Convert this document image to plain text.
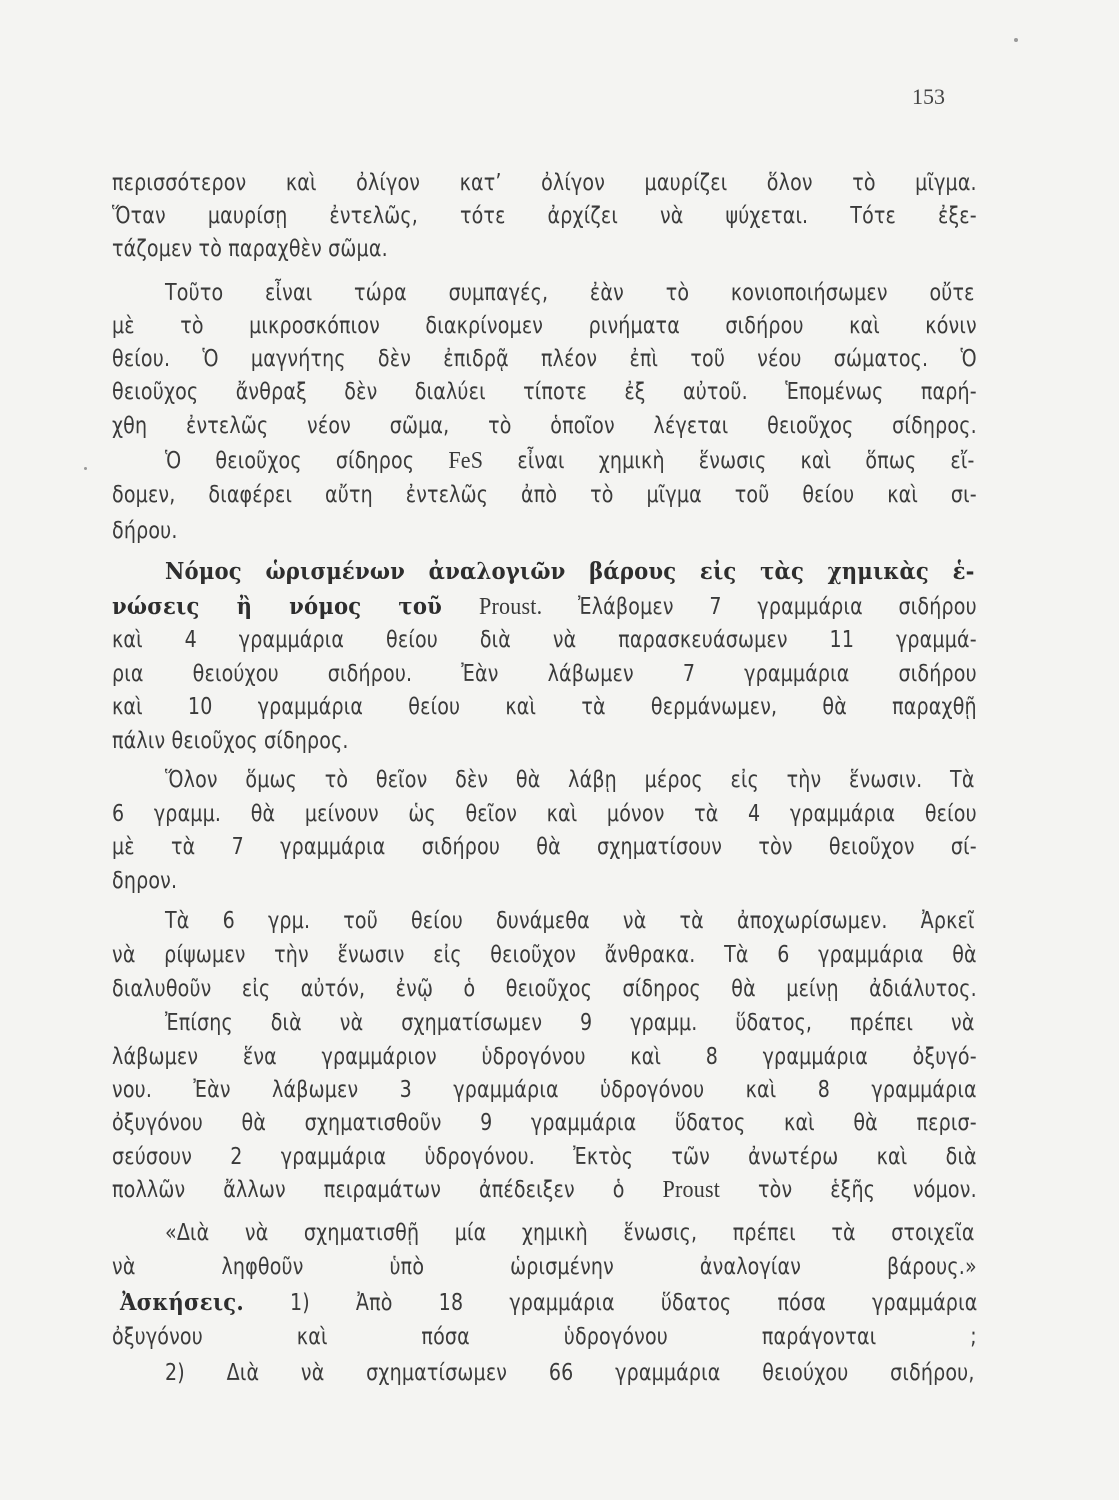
153
περισσότερον καὶ ὀλίγον κατ’ ὀλίγον μαυρίζει ὅλον τὸ μῖγμα.
Ὅταν μαυρίσῃ ἐντελῶς, τότε ἀρχίζει νὰ ψύχεται. Τότε ἐξε-
τάζομεν τὸ παραχθὲν σῶμα.
Τοῦτο εἶναι τώρα συμπαγές, ἐὰν τὸ κονιοποιήσωμεν οὔτε
μὲ τὸ μικροσκόπιον διακρίνομεν ρινήματα σιδήρου καὶ κόνιν
θείου. Ὁ μαγνήτης δὲν ἐπιδρᾷ πλέον ἐπὶ τοῦ νέου σώματος. Ὁ
θειοῦχος ἄνθραξ δὲν διαλύει τίποτε ἐξ αὐτοῦ. Ἑπομένως παρή-
χθη ἐντελῶς νέον σῶμα, τὸ ὁποῖον λέγεται θειοῦχος σίδηρος.
Ὁ θειοῦχος σίδηρος FeS εἶναι χημικὴ ἕνωσις καὶ ὅπως εἴ-
δομεν, διαφέρει αὔτη ἐντελῶς ἀπὸ τὸ μῖγμα τοῦ θείου καὶ σι-
δήρου.
Νόμος ὡρισμένων ἀναλογιῶν βάρους εἰς τὰς χημικὰς ἑ-
νώσεις ἢ νόμος τοῦ Proust. Ἐλάβομεν 7 γραμμάρια σιδήρου
καὶ 4 γραμμάρια θείου διὰ νὰ παρασκευάσωμεν 11 γραμμά-
ρια θειούχου σιδήρου. Ἐὰν λάβωμεν 7 γραμμάρια σιδήρου
καὶ 10 γραμμάρια θείου καὶ τὰ θερμάνωμεν, θὰ παραχθῇ
πάλιν θειοῦχος σίδηρος.
Ὅλον ὅμως τὸ θεῖον δὲν θὰ λάβῃ μέρος εἰς τὴν ἕνωσιν. Τὰ
6 γραμμ. θὰ μείνουν ὡς θεῖον καὶ μόνον τὰ 4 γραμμάρια θείου
μὲ τὰ 7 γραμμάρια σιδήρου θὰ σχηματίσουν τὸν θειοῦχον σί-
δηρον.
Τὰ 6 γρμ. τοῦ θείου δυνάμεθα νὰ τὰ ἀποχωρίσωμεν. Ἀρκεῖ
νὰ ρίψωμεν τὴν ἕνωσιν εἰς θειοῦχον ἄνθρακα. Τὰ 6 γραμμάρια θὰ
διαλυθοῦν εἰς αὐτόν, ἐνῷ ὁ θειοῦχος σίδηρος θὰ μείνῃ ἀδιάλυτος.
Ἐπίσης διὰ νὰ σχηματίσωμεν 9 γραμμ. ὕδατος, πρέπει νὰ
λάβωμεν ἕνα γραμμάριον ὑδρογόνου καὶ 8 γραμμάρια ὀξυγό-
νου. Ἐὰν λάβωμεν 3 γραμμάρια ὑδρογόνου καὶ 8 γραμμάρια
ὀξυγόνου θὰ σχηματισθοῦν 9 γραμμάρια ὕδατος καὶ θὰ περισ-
σεύσουν 2 γραμμάρια ὑδρογόνου. Ἐκτὸς τῶν ἀνωτέρω καὶ διὰ
πολλῶν ἄλλων πειραμάτων ἀπέδειξεν ὁ Proust τὸν ἑξῆς νόμον.
«Διὰ νὰ σχηματισθῇ μία χημικὴ ἕνωσις, πρέπει τὰ στοιχεῖα
νὰ ληφθοῦν ὑπὸ ὡρισμένην ἀναλογίαν βάρους.»
Ἀσκήσεις. 1) Ἀπὸ 18 γραμμάρια ὕδατος πόσα γραμμάρια
ὀξυγόνου καὶ πόσα ὑδρογόνου παράγονται ;
2) Διὰ νὰ σχηματίσωμεν 66 γραμμάρια θειούχου σιδήρου,
